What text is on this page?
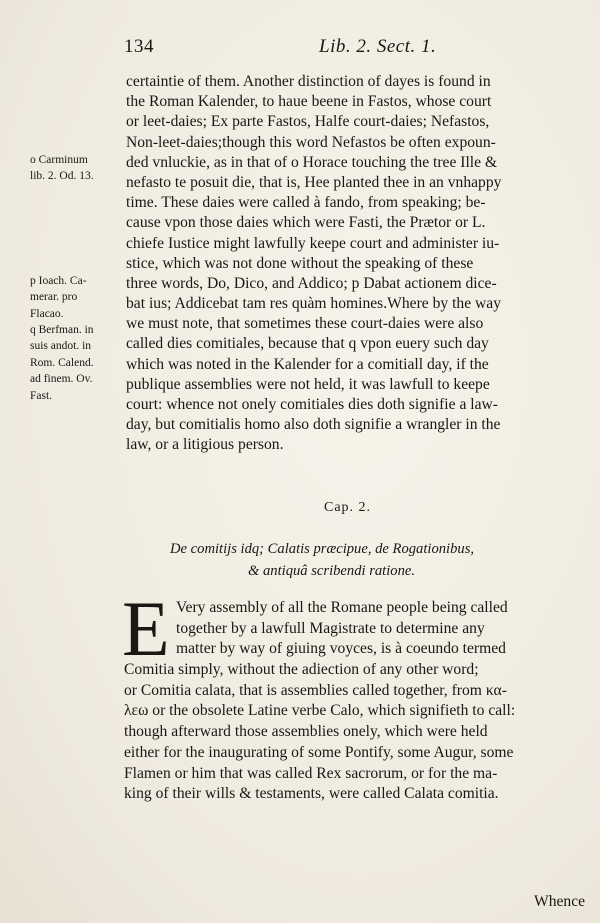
134	Lib. 2. Sect. 1.
certaintie of them. Another distinction of dayes is found in
the Roman Kalender, to haue beene in Fastos, whose court
or leet-daies; Ex parte Fastos, Halfe court-daies; Nefastos,
Non-leet-daies;though this word Nefastos be often expoun-
ded vnluckie, as in that of o Horace touching the tree Ille &
nefasto te posuit die, that is, Hee planted thee in an vnhappy
time. These daies were called à fando, from speaking; be-
cause vpon those daies which were Fasti, the Prætor or L.
chiefe Iustice might lawfully keepe court and administer iu-
stice, which was not done without the speaking of these
three words, Do, Dico, and Addico; p Dabat actionem dice-
bat ius; Addicebat tam res quàm homines.Where by the way
we must note, that sometimes these court-daies were also
called dies comitiales, because that q vpon euery such day
which was noted in the Kalender for a comitiall day, if the
publique assemblies were not held, it was lawfull to keepe
court: whence not onely comitiales dies doth signifie a law-
day, but comitialis homo also doth signifie a wrangler in the
law, or a litigious person.
o Carminum
lib. 2. Od. 13.
p Ioach. Ca-
merar. pro
Flacao.
q Berfman. in
suis andot. in
Rom. Calend.
ad finem. Ov.
Fast.
Cap. 2.
De comitijs idq; Calatis præcipue, de Rogationibus,
& antiquâ scribendi ratione.
E Very assembly of all the Romane people being called
together by a lawfull Magistrate to determine any
matter by way of giuing voyces, is à coeundo termed
Comitia simply, without the adiection of any other word;
or Comitia calata, that is assemblies called together, from κα-
λεω or the obsolete Latine verbe Calo, which signifieth to call:
though afterward those assemblies onely, which were held
either for the inaugurating of some Pontify, some Augur, some
Flamen or him that was called Rex sacrorum, or for the ma-
king of their wills & testaments, were called Calata comitia.
Whence
